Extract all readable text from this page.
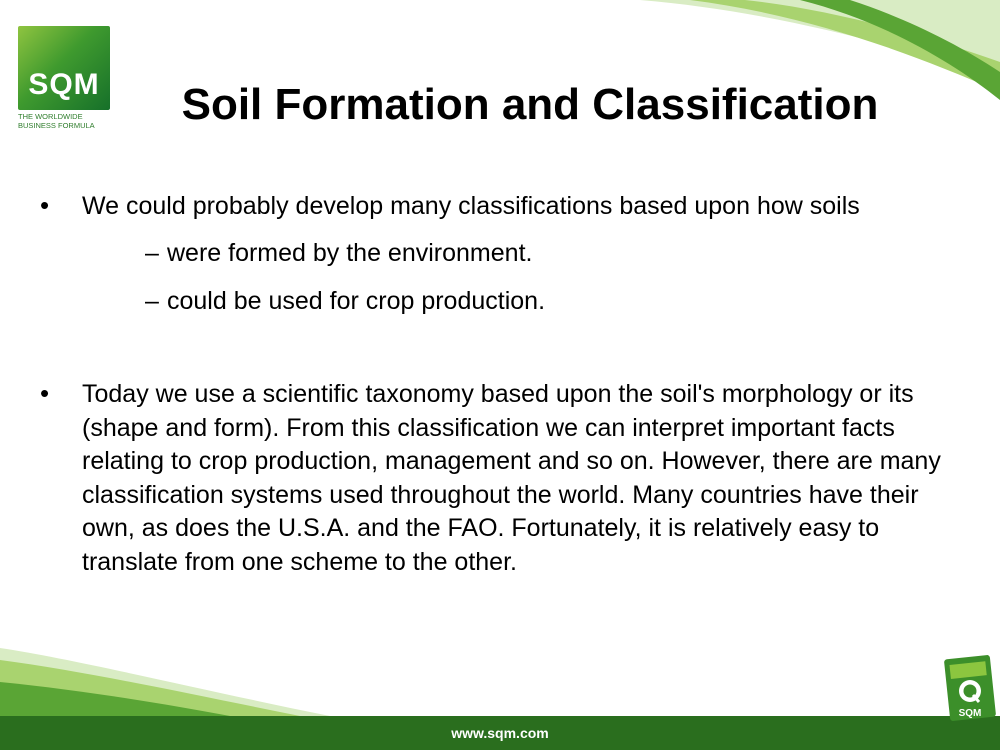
SQM
THE WORLDWIDE
BUSINESS FORMULA	Soil Formation and Classification
•	We could probably develop many classifications based upon how soils
– were formed by the environment.
– could be used for crop production.
•	Today we use a scientific taxonomy based upon the soil's morphology or its (shape and form). From this classification we can interpret important facts relating to crop production, management and so on. However, there are many classification systems used throughout the world. Many countries have their own, as does the U.S.A. and the FAO. Fortunately, it is relatively easy to translate from one scheme to the other.
www.sqm.com
SQM
